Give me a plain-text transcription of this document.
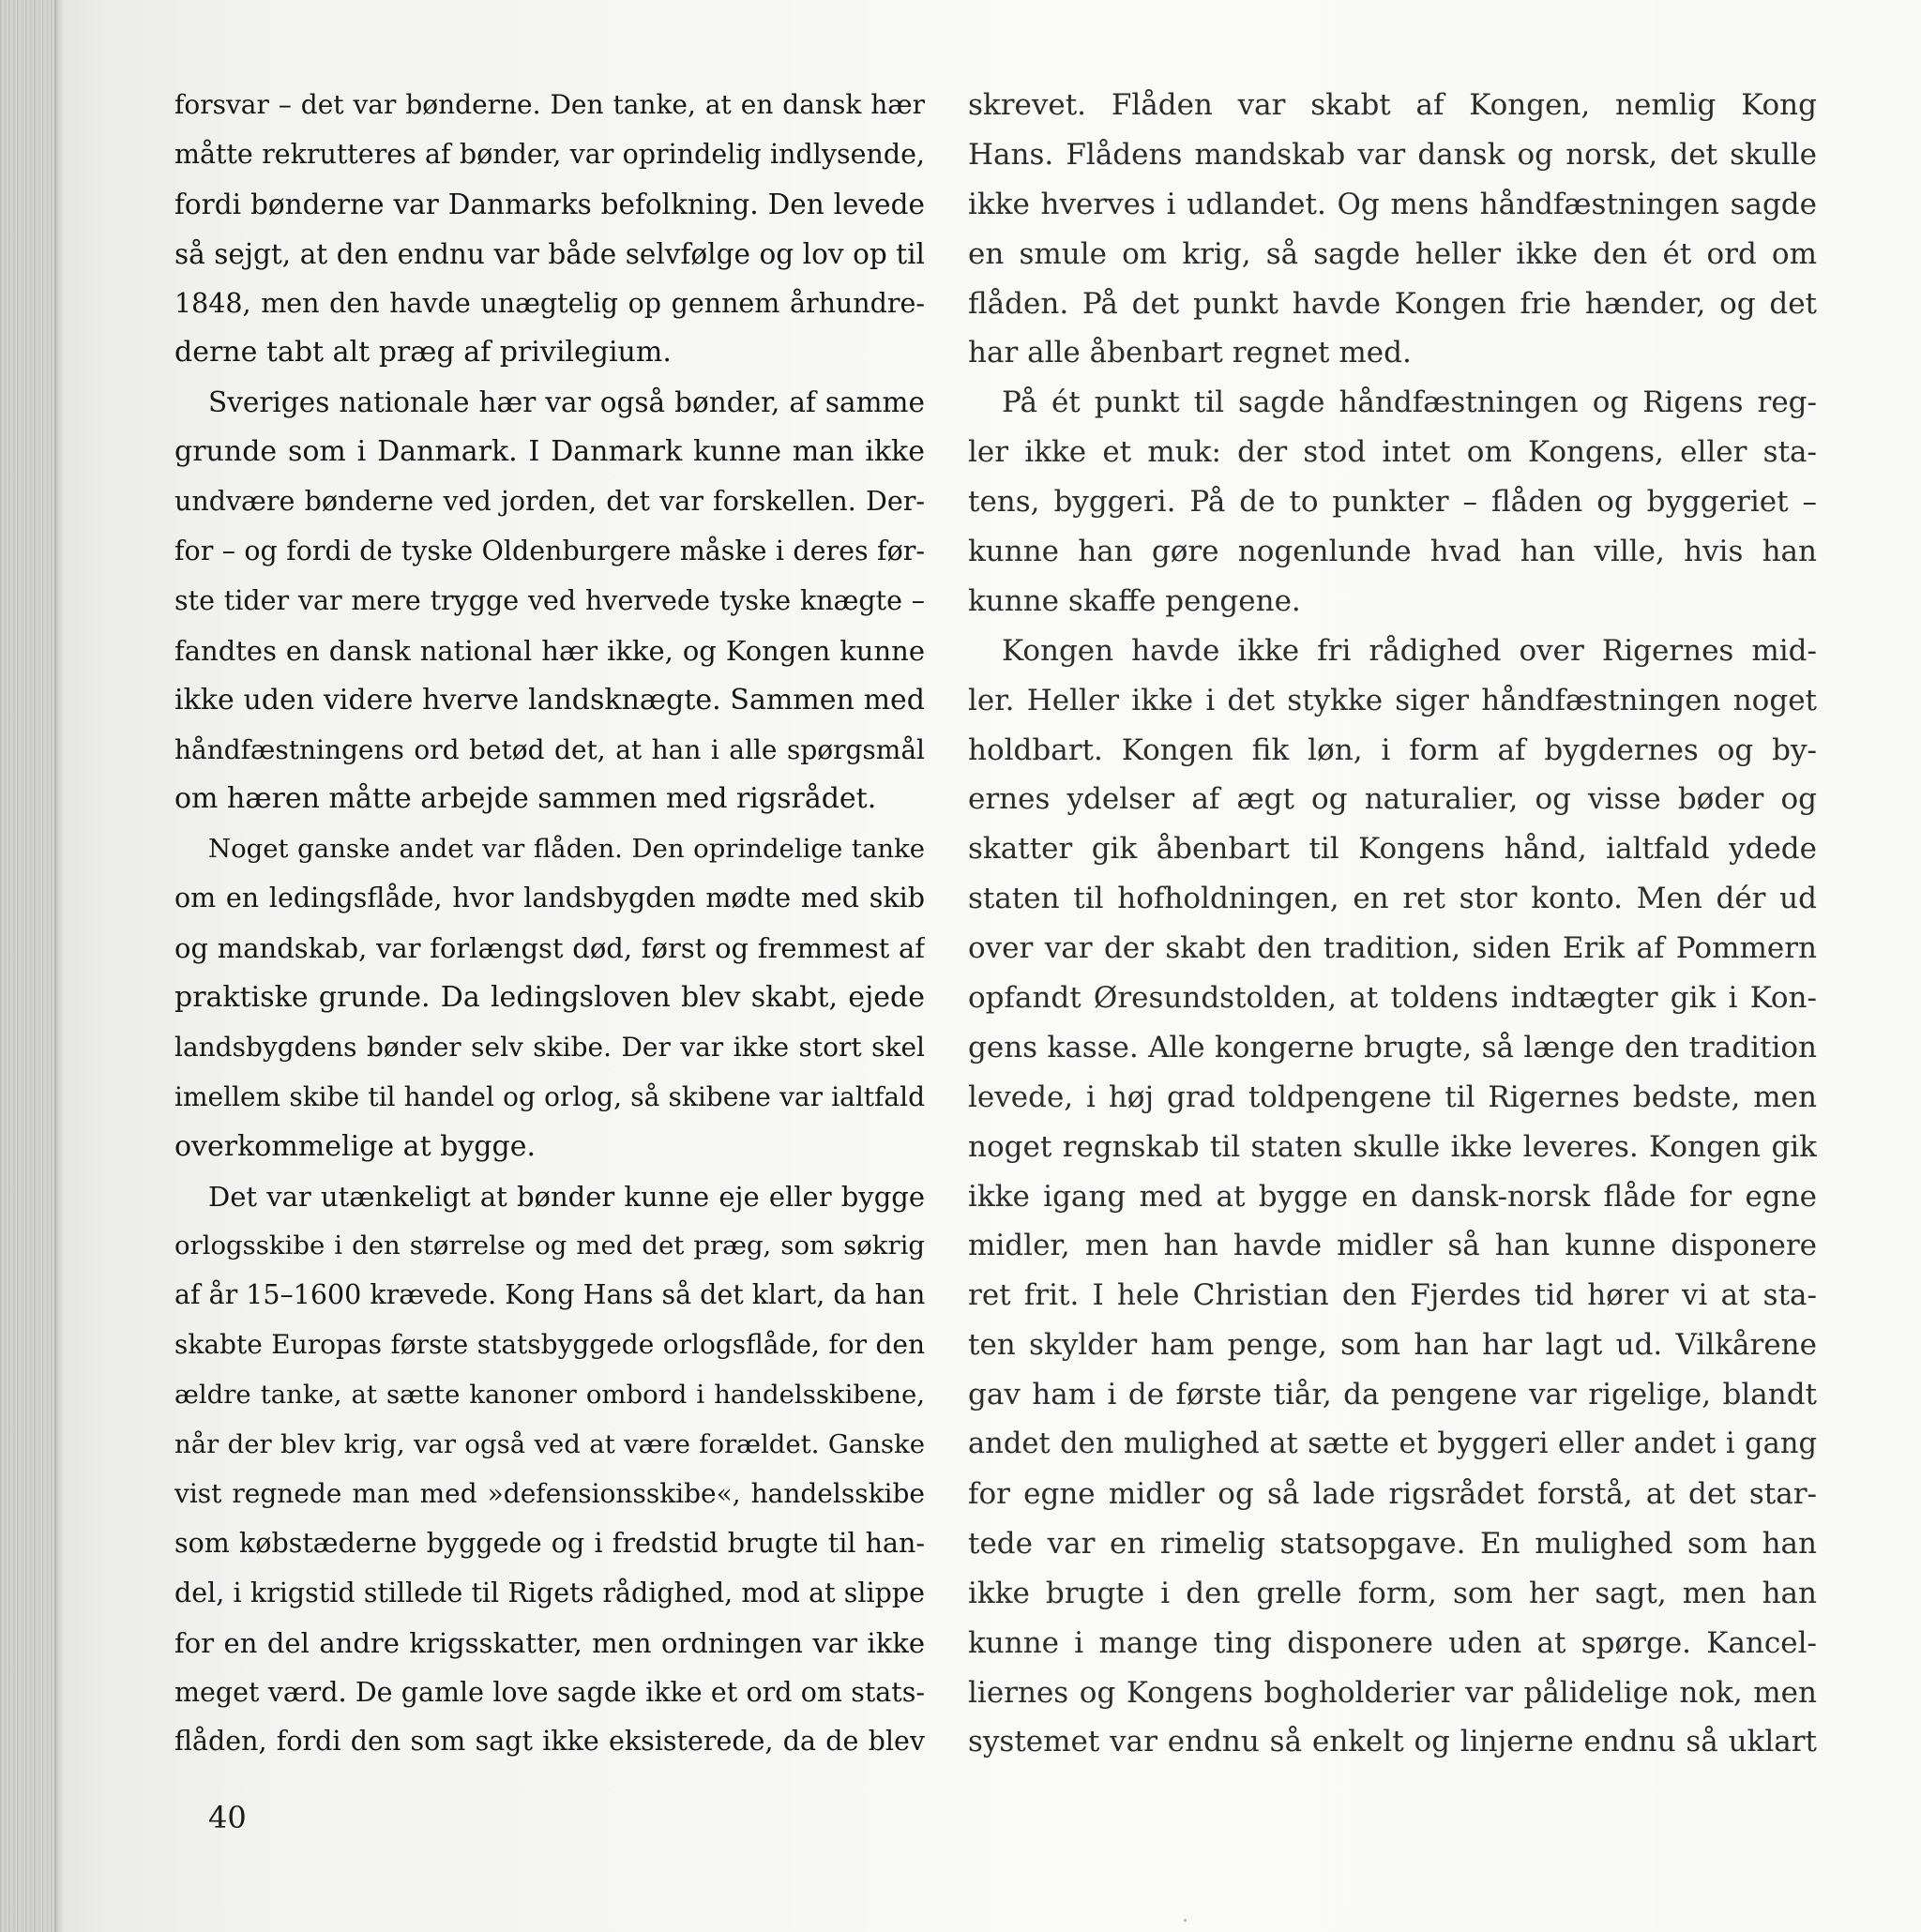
forsvar – det var bønderne. Den tanke, at en dansk hær
måtte rekrutteres af bønder, var oprindelig indlysende,
fordi bønderne var Danmarks befolkning. Den levede
så sejgt, at den endnu var både selvfølge og lov op til
1848, men den havde unægtelig op gennem århundre-
derne tabt alt præg af privilegium.
Sveriges nationale hær var også bønder, af samme
grunde som i Danmark. I Danmark kunne man ikke
undvære bønderne ved jorden, det var forskellen. Der-
for – og fordi de tyske Oldenburgere måske i deres før-
ste tider var mere trygge ved hvervede tyske knægte –
fandtes en dansk national hær ikke, og Kongen kunne
ikke uden videre hverve landsknægte. Sammen med
håndfæstningens ord betød det, at han i alle spørgsmål
om hæren måtte arbejde sammen med rigsrådet.
Noget ganske andet var flåden. Den oprindelige tanke
om en ledingsflåde, hvor landsbygden mødte med skib
og mandskab, var forlængst død, først og fremmest af
praktiske grunde. Da ledingsloven blev skabt, ejede
landsbygdens bønder selv skibe. Der var ikke stort skel
imellem skibe til handel og orlog, så skibene var ialtfald
overkommelige at bygge.
Det var utænkeligt at bønder kunne eje eller bygge
orlogsskibe i den størrelse og med det præg, som søkrig
af år 15–1600 krævede. Kong Hans så det klart, da han
skabte Europas første statsbyggede orlogsflåde, for den
ældre tanke, at sætte kanoner ombord i handelsskibene,
når der blev krig, var også ved at være forældet. Ganske
vist regnede man med »defensionsskibe«, handelsskibe
som købstæderne byggede og i fredstid brugte til han-
del, i krigstid stillede til Rigets rådighed, mod at slippe
for en del andre krigsskatter, men ordningen var ikke
meget værd. De gamle love sagde ikke et ord om stats-
flåden, fordi den som sagt ikke eksisterede, da de blev
40
skrevet. Flåden var skabt af Kongen, nemlig Kong
Hans. Flådens mandskab var dansk og norsk, det skulle
ikke hverves i udlandet. Og mens håndfæstningen sagde
en smule om krig, så sagde heller ikke den ét ord om
flåden. På det punkt havde Kongen frie hænder, og det
har alle åbenbart regnet med.
På ét punkt til sagde håndfæstningen og Rigens reg-
ler ikke et muk: der stod intet om Kongens, eller sta-
tens, byggeri. På de to punkter – flåden og byggeriet –
kunne han gøre nogenlunde hvad han ville, hvis han
kunne skaffe pengene.
Kongen havde ikke fri rådighed over Rigernes mid-
ler. Heller ikke i det stykke siger håndfæstningen noget
holdbart. Kongen fik løn, i form af bygdernes og by-
ernes ydelser af ægt og naturalier, og visse bøder og
skatter gik åbenbart til Kongens hånd, ialtfald ydede
staten til hofholdningen, en ret stor konto. Men dér ud
over var der skabt den tradition, siden Erik af Pommern
opfandt Øresundstolden, at toldens indtægter gik i Kon-
gens kasse. Alle kongerne brugte, så længe den tradition
levede, i høj grad toldpengene til Rigernes bedste, men
noget regnskab til staten skulle ikke leveres. Kongen gik
ikke igang med at bygge en dansk-norsk flåde for egne
midler, men han havde midler så han kunne disponere
ret frit. I hele Christian den Fjerdes tid hører vi at sta-
ten skylder ham penge, som han har lagt ud. Vilkårene
gav ham i de første tiår, da pengene var rigelige, blandt
andet den mulighed at sætte et byggeri eller andet i gang
for egne midler og så lade rigsrådet forstå, at det star-
tede var en rimelig statsopgave. En mulighed som han
ikke brugte i den grelle form, som her sagt, men han
kunne i mange ting disponere uden at spørge. Kancel-
liernes og Kongens bogholderier var pålidelige nok, men
systemet var endnu så enkelt og linjerne endnu så uklart
